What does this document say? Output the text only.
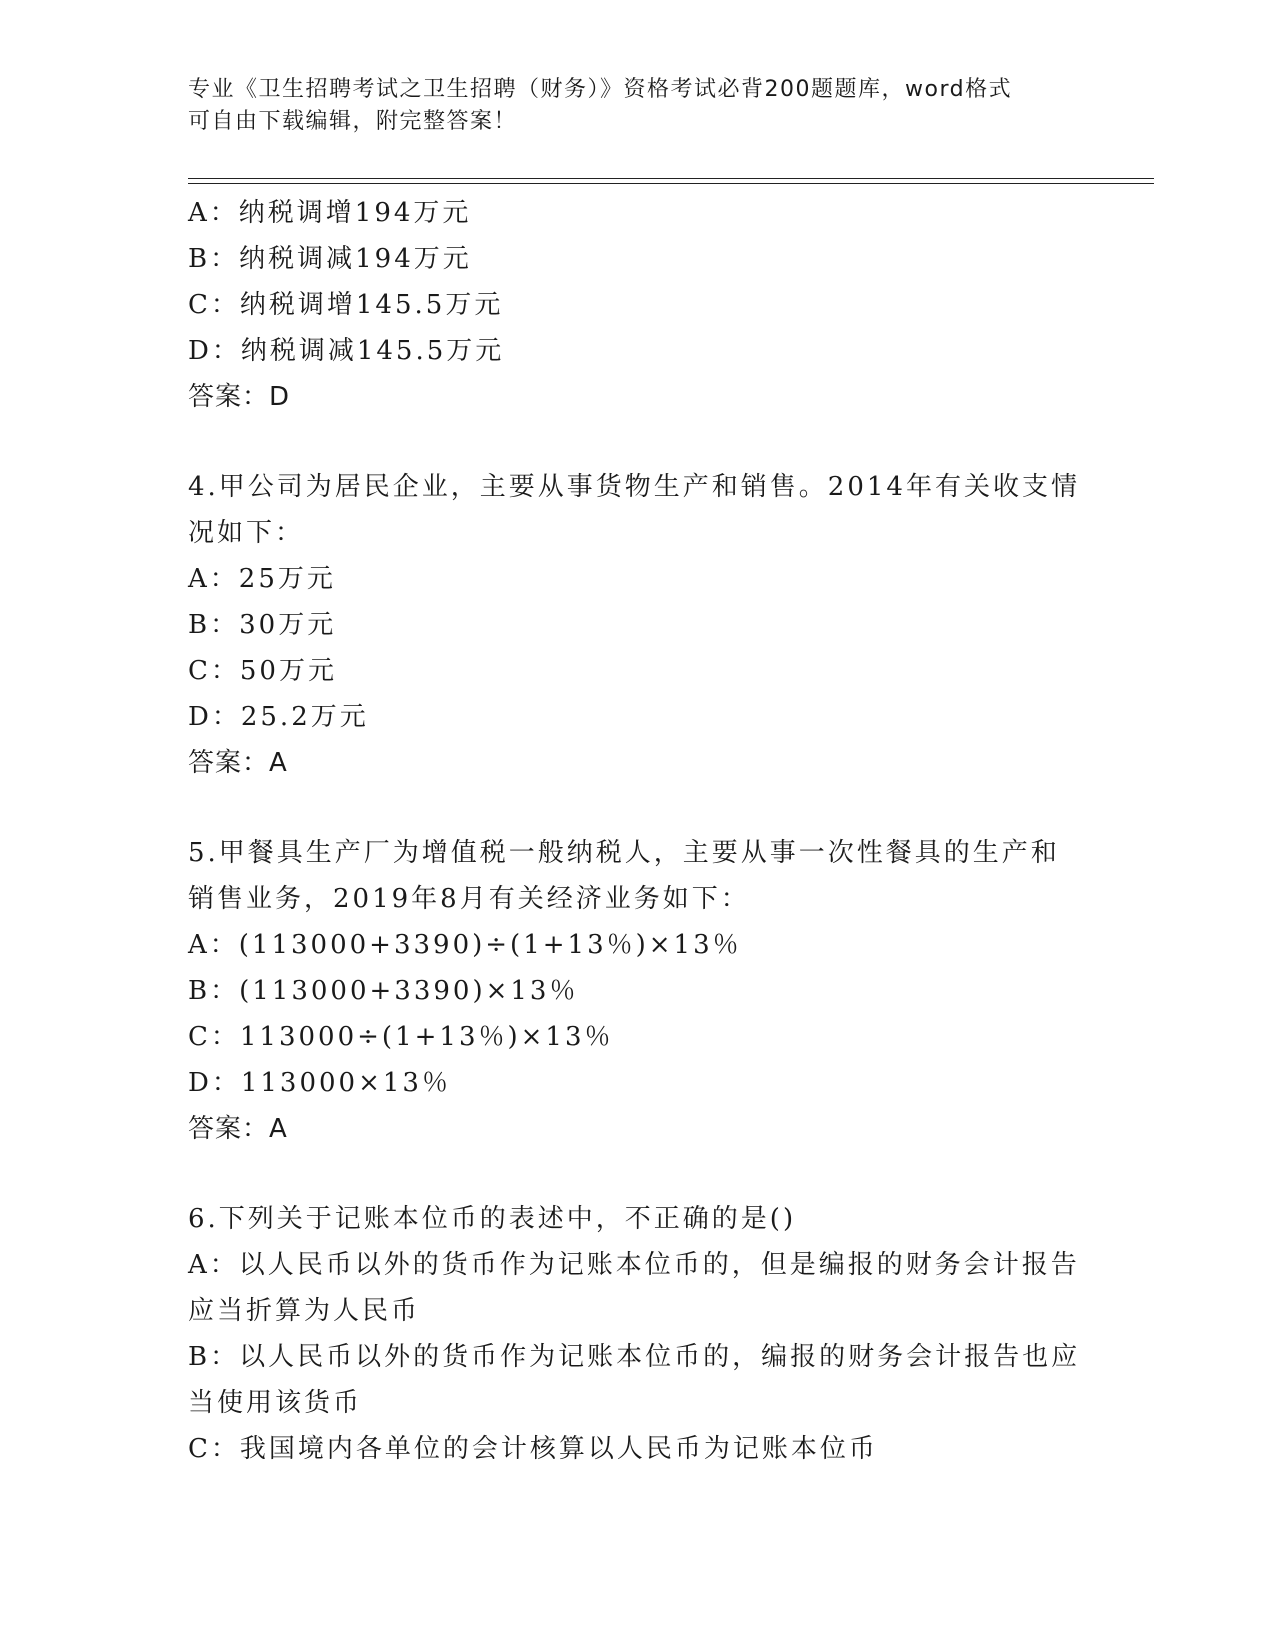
专业《卫生招聘考试之卫生招聘（财务）》资格考试必背200题题库，word格式
可自由下载编辑，附完整答案！
A：纳税调增194万元
B：纳税调减194万元
C：纳税调增145.5万元
D：纳税调减145.5万元
答案：D
4.甲公司为居民企业，主要从事货物生产和销售。2014年有关收支情
况如下：
A：25万元
B：30万元
C：50万元
D：25.2万元
答案：A
5.甲餐具生产厂为增值税一般纳税人，主要从事一次性餐具的生产和
销售业务，2019年8月有关经济业务如下：
A：(113000+3390)÷(1+13％)×13％
B：(113000+3390)×13％
C：113000÷(1+13％)×13％
D：113000×13％
答案：A
6.下列关于记账本位币的表述中，不正确的是()
A：以人民币以外的货币作为记账本位币的，但是编报的财务会计报告
应当折算为人民币
B：以人民币以外的货币作为记账本位币的，编报的财务会计报告也应
当使用该货币
C：我国境内各单位的会计核算以人民币为记账本位币
